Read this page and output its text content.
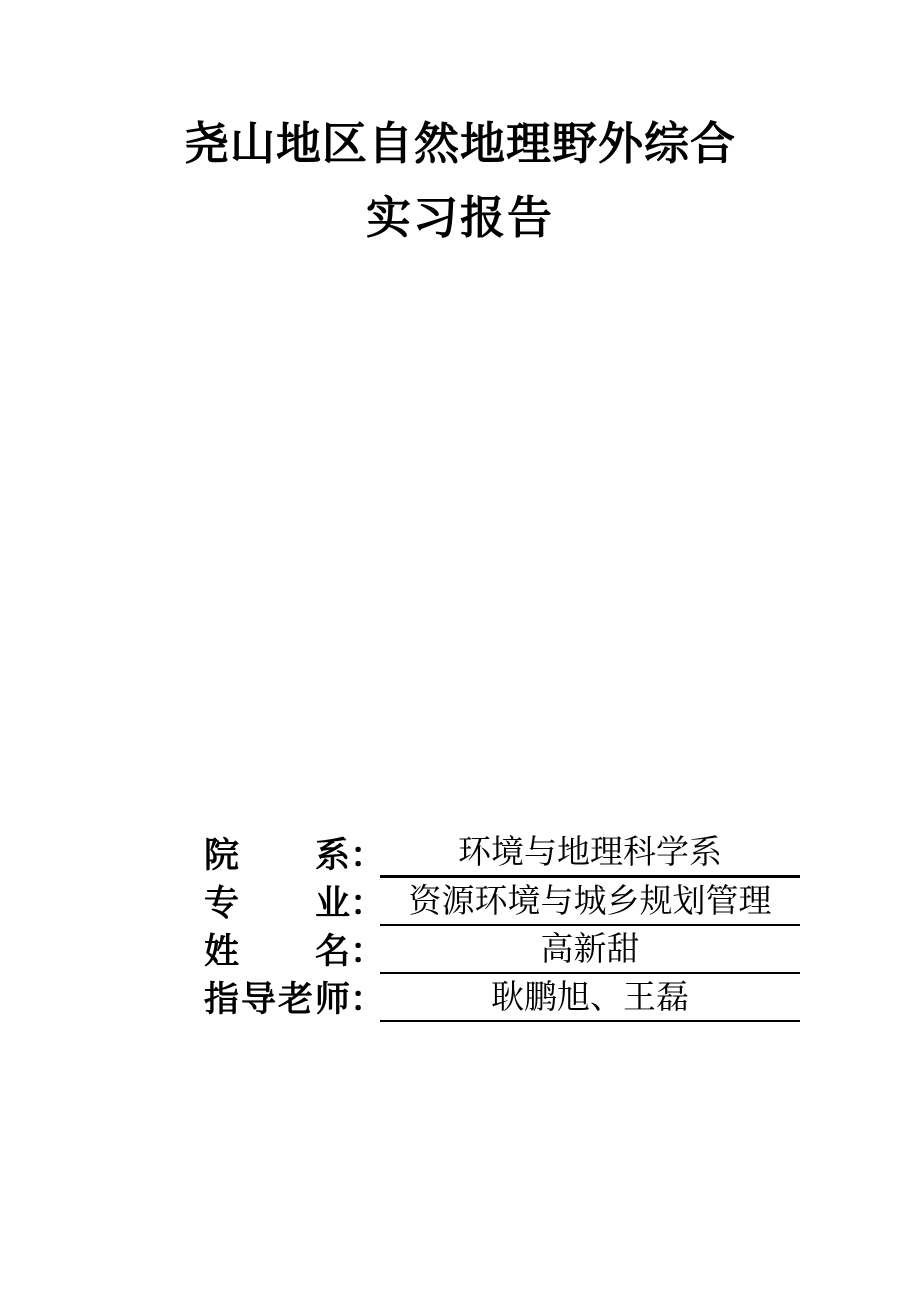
尧山地区自然地理野外综合
实习报告
院系 ：	环境与地理科学系
专业 ： 资源环境与城乡规划管理
姓名 ：	高新甜
指导老师 ：	耿鹏旭、王磊
